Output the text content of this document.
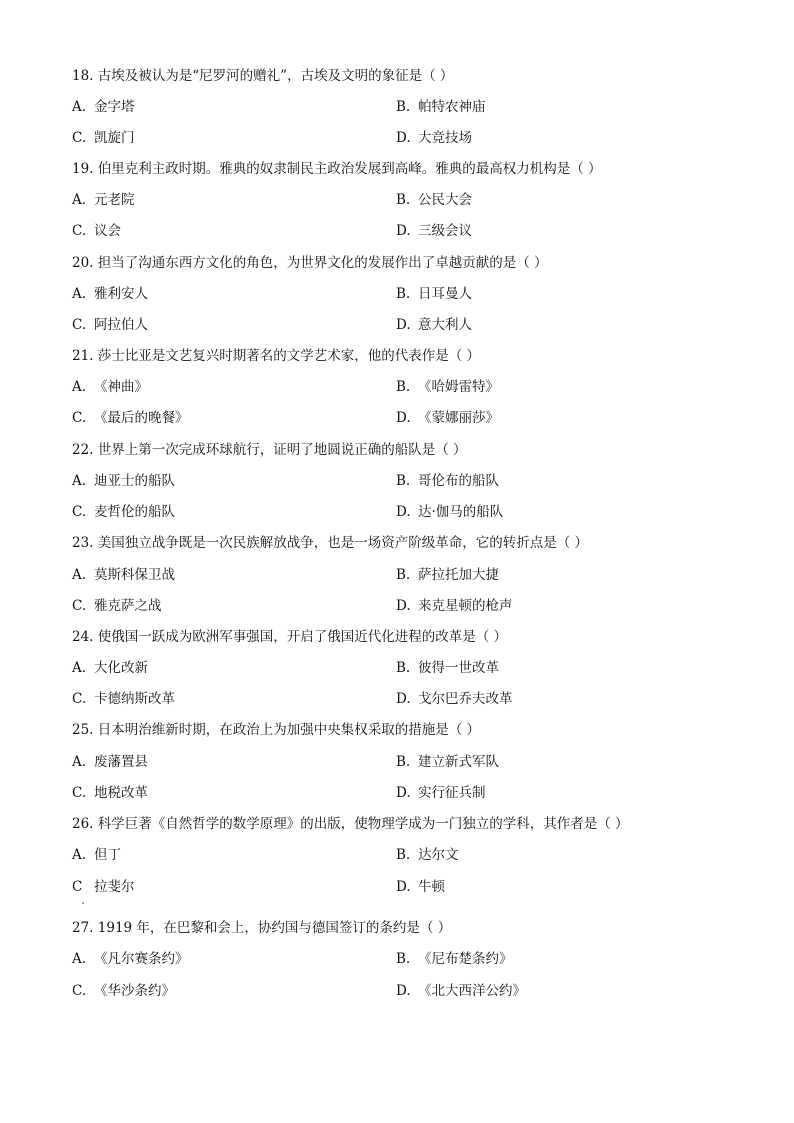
18. 古埃及被认为是“尼罗河的赠礼”，古埃及文明的象征是（ ）
A. 金字塔	B. 帕特农神庙
C. 凯旋门	D. 大竞技场
19. 伯里克利主政时期。雅典的奴隶制民主政治发展到高峰。雅典的最高权力机构是（ ）
A. 元老院	B. 公民大会
C. 议会	D. 三级会议
20. 担当了沟通东西方文化的角色，为世界文化的发展作出了卓越贡献的是（ ）
A. 雅利安人	B. 日耳曼人
C. 阿拉伯人	D. 意大利人
21. 莎士比亚是文艺复兴时期著名的文学艺术家，他的代表作是（ ）
A. 《神曲》	B. 《哈姆雷特》
C. 《最后的晚餐》	D. 《蒙娜丽莎》
22. 世界上第一次完成环球航行，证明了地圆说正确的船队是（ ）
A. 迪亚士的船队	B. 哥伦布的船队
C. 麦哲伦的船队	D. 达·伽马的船队
23. 美国独立战争既是一次民族解放战争，也是一场资产阶级革命，它的转折点是（ ）
A. 莫斯科保卫战	B. 萨拉托加大捷
C. 雅克萨之战	D. 来克星顿的枪声
24. 使俄国一跃成为欧洲军事强国，开启了俄国近代化进程的改革是（ ）
A. 大化改新	B. 彼得一世改革
C. 卡德纳斯改革	D. 戈尔巴乔夫改革
25. 日本明治维新时期，在政治上为加强中央集权采取的措施是（ ）
A. 废藩置县	B. 建立新式军队
C. 地税改革	D. 实行征兵制
26. 科学巨著《自然哲学的数学原理》的出版，使物理学成为一门独立的学科，其作者是（ ）
A. 但丁	B. 达尔文
C 拉斐尔	D. 牛顿
27. 1919 年，在巴黎和会上，协约国与德国签订的条约是（ ）
A. 《凡尔赛条约》	B. 《尼布楚条约》
C. 《华沙条约》	D. 《北大西洋公约》
